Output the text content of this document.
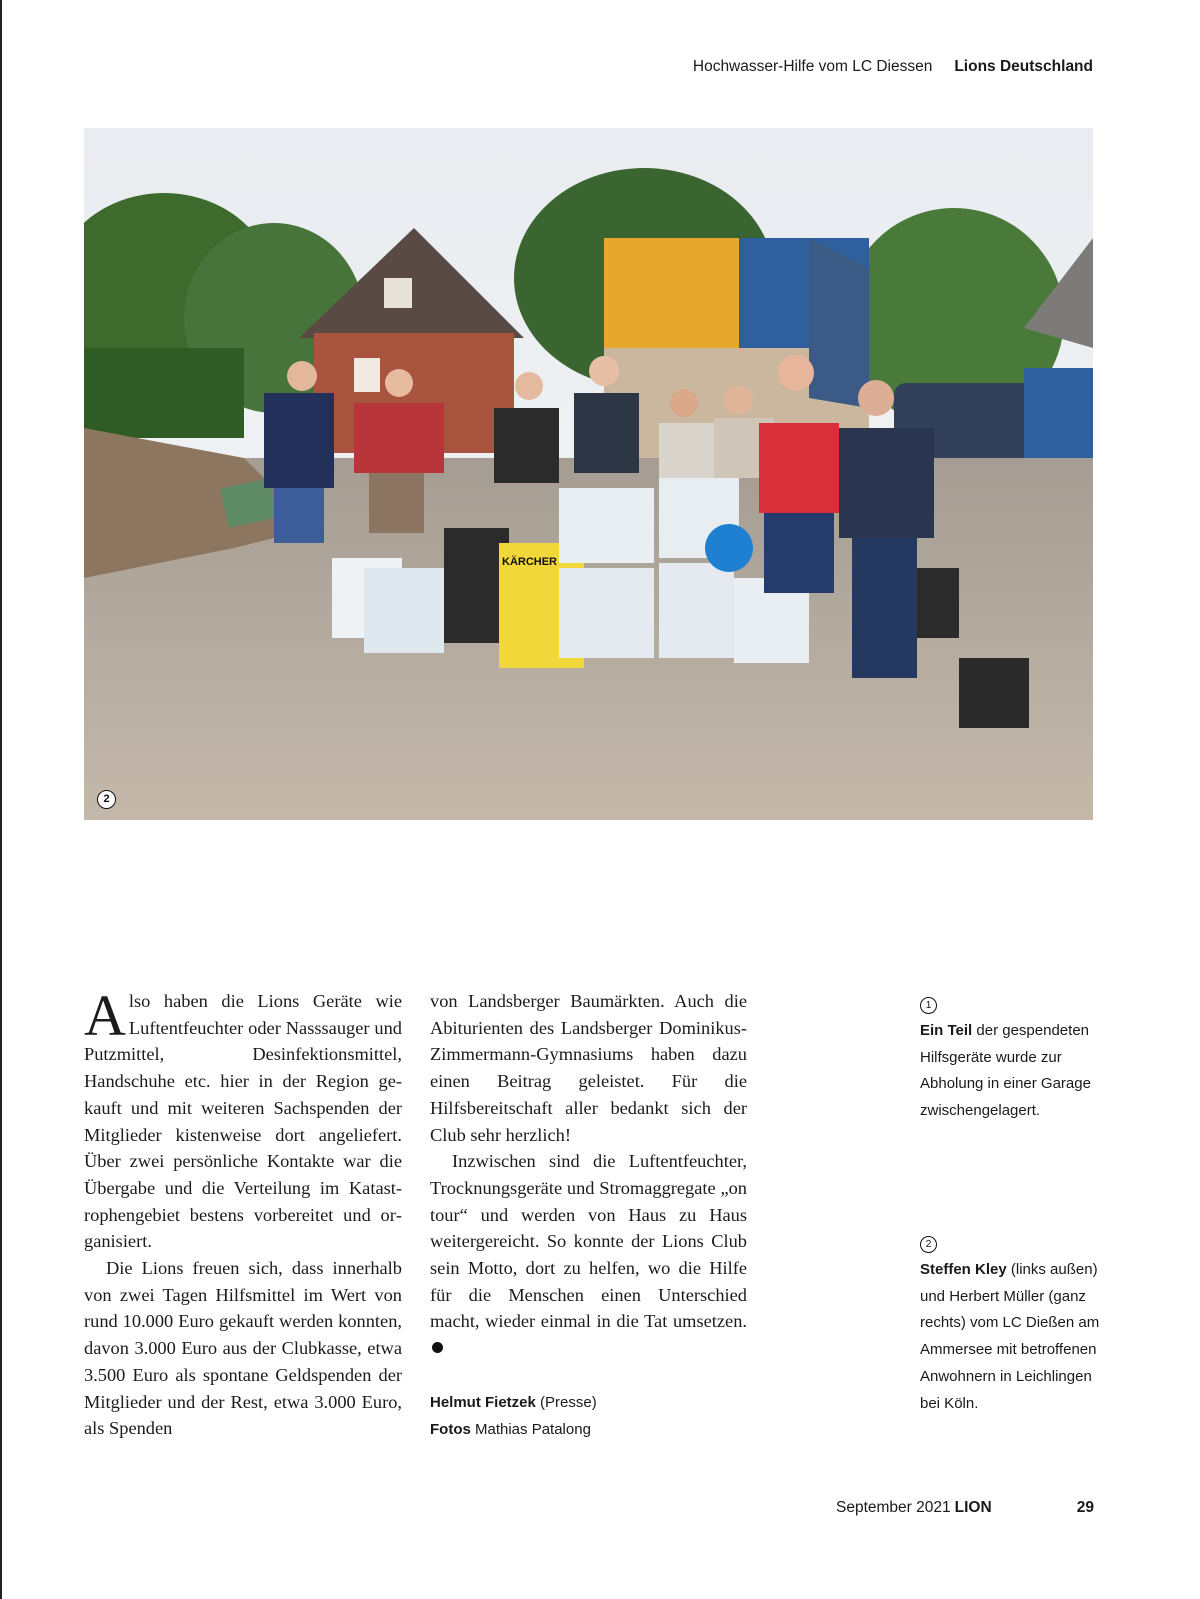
Hochwasser-Hilfe vom LC Diessen Lions Deutschland
KÄRCHER
2

Also haben die Lions Geräte wie Luftentfeuchter oder Nasssauger und Putzmittel, Desinfektionsmittel, Handschuhe etc. hier in der Region gekauft und mit weiteren Sachspenden der Mitglieder kistenweise dort angeliefert. Über zwei persönliche Kontakte war die Übergabe und die Verteilung im Katastrophengebiet bestens vorbereitet und organisiert.

Die Lions freuen sich, dass innerhalb von zwei Tagen Hilfsmittel im Wert von rund 10.000 Euro gekauft werden konnten, davon 3.000 Euro aus der Clubkasse, etwa 3.500 Euro als spontane Geldspenden der Mitglieder und der Rest, etwa 3.000 Euro, als Spenden

von Landsberger Baumärkten. Auch die Abiturienten des Landsberger Dominikus-Zimmermann-Gymnasiums haben dazu einen Beitrag geleistet. Für die Hilfsbereitschaft aller bedankt sich der Club sehr herzlich!

Inzwischen sind die Luftentfeuchter, Trocknungsgeräte und Stromaggregate „on tour“ und werden von Haus zu Haus weitergereicht. So konnte der Lions Club sein Motto, dort zu helfen, wo die Hilfe für die Menschen einen Unterschied macht, wieder einmal in die Tat umsetzen.

Helmut Fietzek (Presse)
Fotos Mathias Patalong
1
Ein Teil der gespendeten Hilfsgeräte wurde zur Abholung in einer Garage zwischengelagert.
2
Steffen Kley (links außen) und Herbert Müller (ganz rechts) vom LC Dießen am Ammersee mit betroffenen Anwohnern in Leichlingen bei Köln.
September 2021 LION	29
